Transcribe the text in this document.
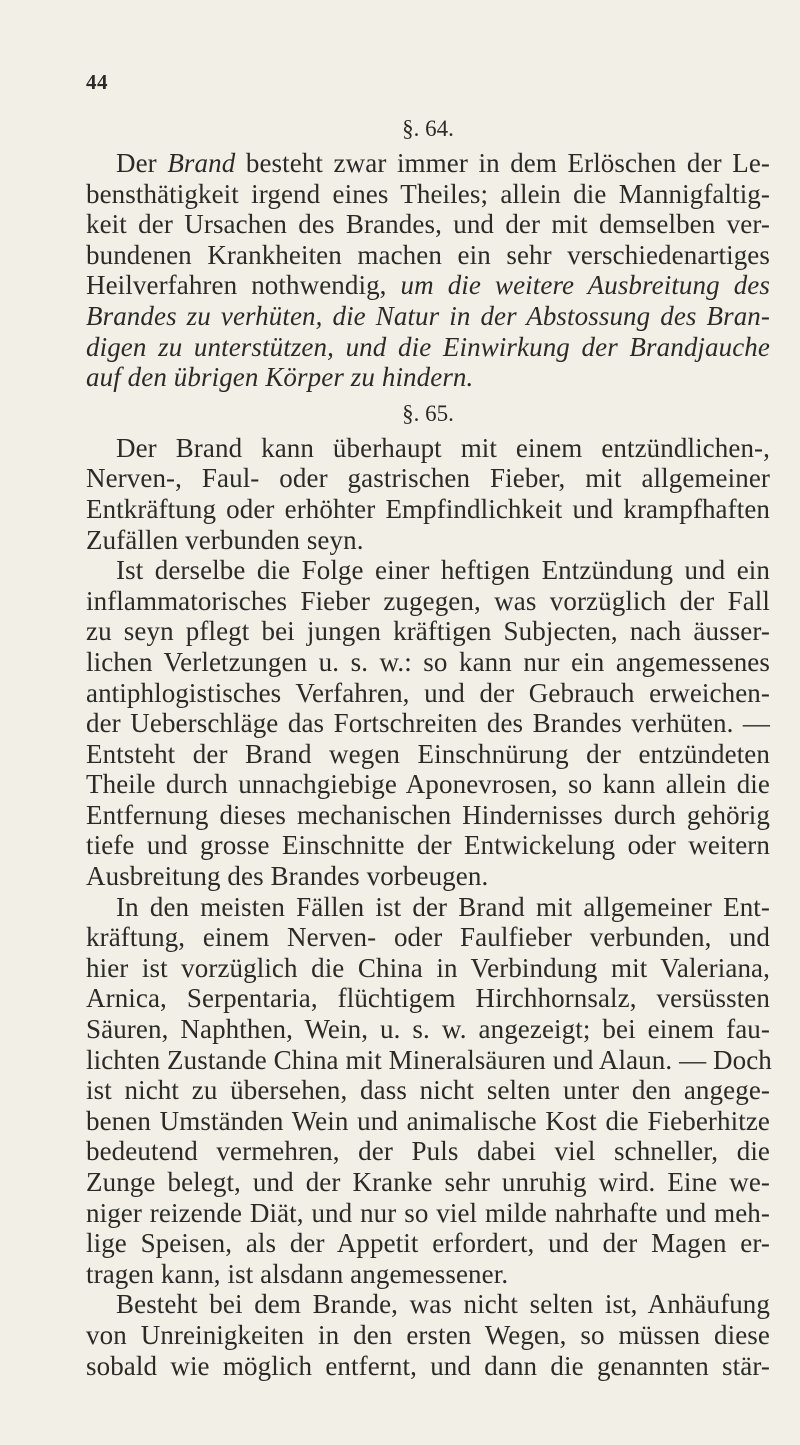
44
§. 64.
Der Brand besteht zwar immer in dem Erlöschen der Le-
bensthätigkeit irgend eines Theiles; allein die Mannigfaltig-
keit der Ursachen des Brandes, und der mit demselben ver-
bundenen Krankheiten machen ein sehr verschiedenartiges
Heilverfahren nothwendig, um die weitere Ausbreitung des
Brandes zu verhüten, die Natur in der Abstossung des Bran-
digen zu unterstützen, und die Einwirkung der Brandjauche
auf den übrigen Körper zu hindern.
§. 65.
Der Brand kann überhaupt mit einem entzündlichen-,
Nerven-, Faul- oder gastrischen Fieber, mit allgemeiner
Entkräftung oder erhöhter Empfindlichkeit und krampfhaften
Zufällen verbunden seyn.
Ist derselbe die Folge einer heftigen Entzündung und ein
inflammatorisches Fieber zugegen, was vorzüglich der Fall
zu seyn pflegt bei jungen kräftigen Subjecten, nach äusser-
lichen Verletzungen u. s. w.: so kann nur ein angemessenes
antiphlogistisches Verfahren, und der Gebrauch erweichen-
der Ueberschläge das Fortschreiten des Brandes verhüten. —
Entsteht der Brand wegen Einschnürung der entzündeten
Theile durch unnachgiebige Aponevrosen, so kann allein die
Entfernung dieses mechanischen Hindernisses durch gehörig
tiefe und grosse Einschnitte der Entwickelung oder weitern
Ausbreitung des Brandes vorbeugen.
In den meisten Fällen ist der Brand mit allgemeiner Ent-
kräftung, einem Nerven- oder Faulfieber verbunden, und
hier ist vorzüglich die China in Verbindung mit Valeriana,
Arnica, Serpentaria, flüchtigem Hirchhornsalz, versüssten
Säuren, Naphthen, Wein, u. s. w. angezeigt; bei einem fau-
lichten Zustande China mit Mineralsäuren und Alaun. — Doch
ist nicht zu übersehen, dass nicht selten unter den angege-
benen Umständen Wein und animalische Kost die Fieberhitze
bedeutend vermehren, der Puls dabei viel schneller, die
Zunge belegt, und der Kranke sehr unruhig wird. Eine we-
niger reizende Diät, und nur so viel milde nahrhafte und meh-
lige Speisen, als der Appetit erfordert, und der Magen er-
tragen kann, ist alsdann angemessener.
Besteht bei dem Brande, was nicht selten ist, Anhäufung
von Unreinigkeiten in den ersten Wegen, so müssen diese
sobald wie möglich entfernt, und dann die genannten stär-
